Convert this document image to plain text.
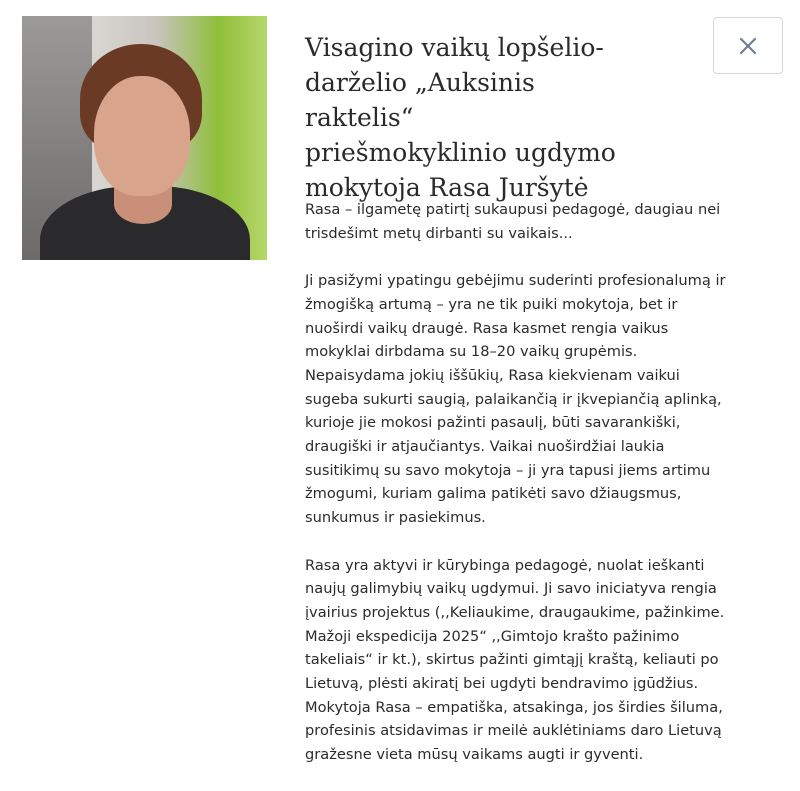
Visagino vaikų lopšelio-
darželio „Auksinis raktelis“
priešmokyklinio ugdymo
mokytoja Rasa Juršytė

Rasa – ilgametę patirtį sukaupusi pedagogė, daugiau nei
trisdešimt metų dirbanti su vaikais...

Ji pasižymi ypatingu gebėjimu suderinti profesionalumą ir
žmogišką artumą – yra ne tik puiki mokytoja, bet ir
nuoširdi vaikų draugė. Rasa kasmet rengia vaikus
mokyklai dirbdama su 18–20 vaikų grupėmis.
Nepaisydama jokių iššūkių, Rasa kiekvienam vaikui
sugeba sukurti saugią, palaikančią ir įkvepiančią aplinką,
kurioje jie mokosi pažinti pasaulį, būti savarankiški,
draugiški ir atjaučiantys. Vaikai nuoširdžiai laukia
susitikimų su savo mokytoja – ji yra tapusi jiems artimu
žmogumi, kuriam galima patikėti savo džiaugsmus,
sunkumus ir pasiekimus.

Rasa yra aktyvi ir kūrybinga pedagogė, nuolat ieškanti
naujų galimybių vaikų ugdymui. Ji savo iniciatyva rengia
įvairius projektus (,,Keliaukime, draugaukime, pažinkime.
Mažoji ekspedicija 2025“ ,,Gimtojo krašto pažinimo
takeliais“ ir kt.), skirtus pažinti gimtąjį kraštą, keliauti po
Lietuvą, plėsti akiratį bei ugdyti bendravimo įgūdžius.
Mokytoja Rasa – empatiška, atsakinga, jos širdies šiluma,
profesinis atsidavimas ir meilė auklėtiniams daro Lietuvą
gražesne vieta mūsų vaikams augti ir gyventi.
